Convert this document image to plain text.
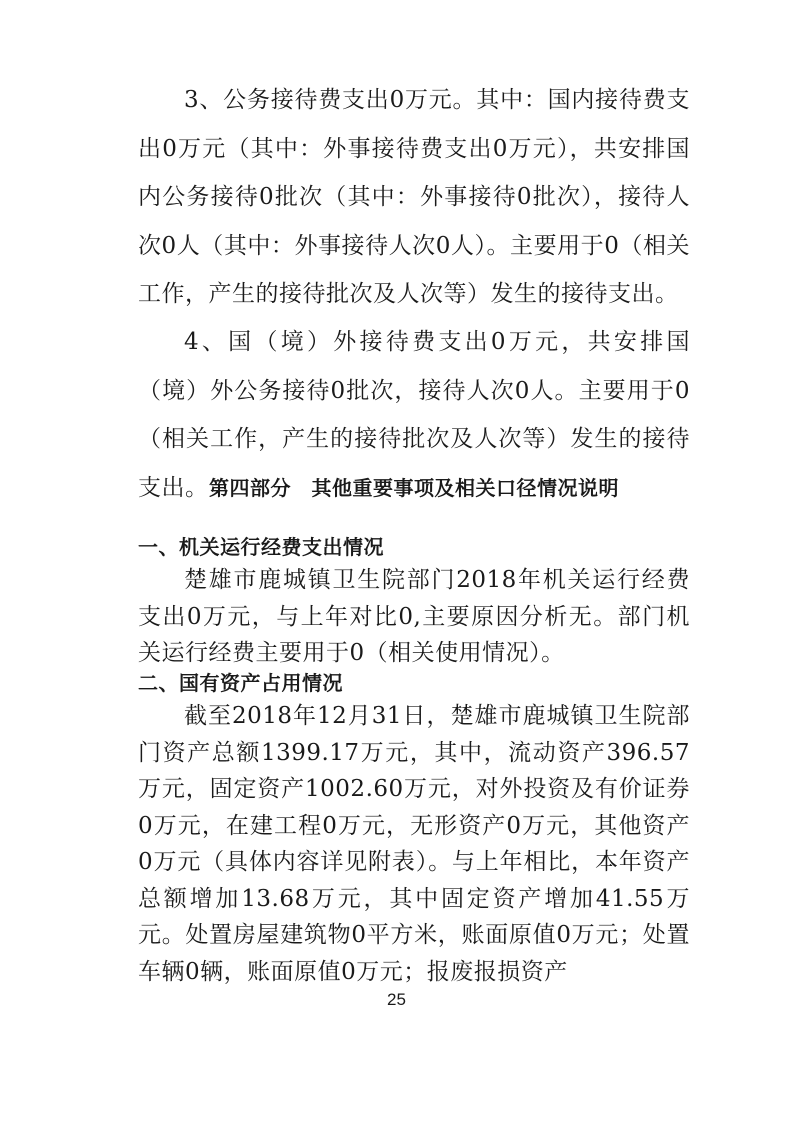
3、公务接待费支出0万元。其中：国内接待费支出0万元（其中：外事接待费支出0万元），共安排国内公务接待0批次（其中：外事接待0批次），接待人次0人（其中：外事接待人次0人）。主要用于0（相关工作，产生的接待批次及人次等）发生的接待支出。

4、国（境）外接待费支出0万元，共安排国（境）外公务接待0批次，接待人次0人。主要用于0（相关工作，产生的接待批次及人次等）发生的接待支出。 第四部分　其他重要事项及相关口径情况说明
一、机关运行经费支出情况

楚雄市鹿城镇卫生院部门2018年机关运行经费支出0万元，与上年对比0,主要原因分析无。部门机关运行经费主要用于0（相关使用情况）。

二、国有资产占用情况

截至2018年12月31日，楚雄市鹿城镇卫生院部门资产总额1399.17万元，其中，流动资产396.57万元，固定资产1002.60万元，对外投资及有价证券0万元，在建工程0万元，无形资产0万元，其他资产0万元（具体内容详见附表）。与上年相比，本年资产总额增加13.68万元，其中固定资产增加41.55万元。处置房屋建筑物0平方米，账面原值0万元；处置车辆0辆，账面原值0万元；报废报损资产

25
